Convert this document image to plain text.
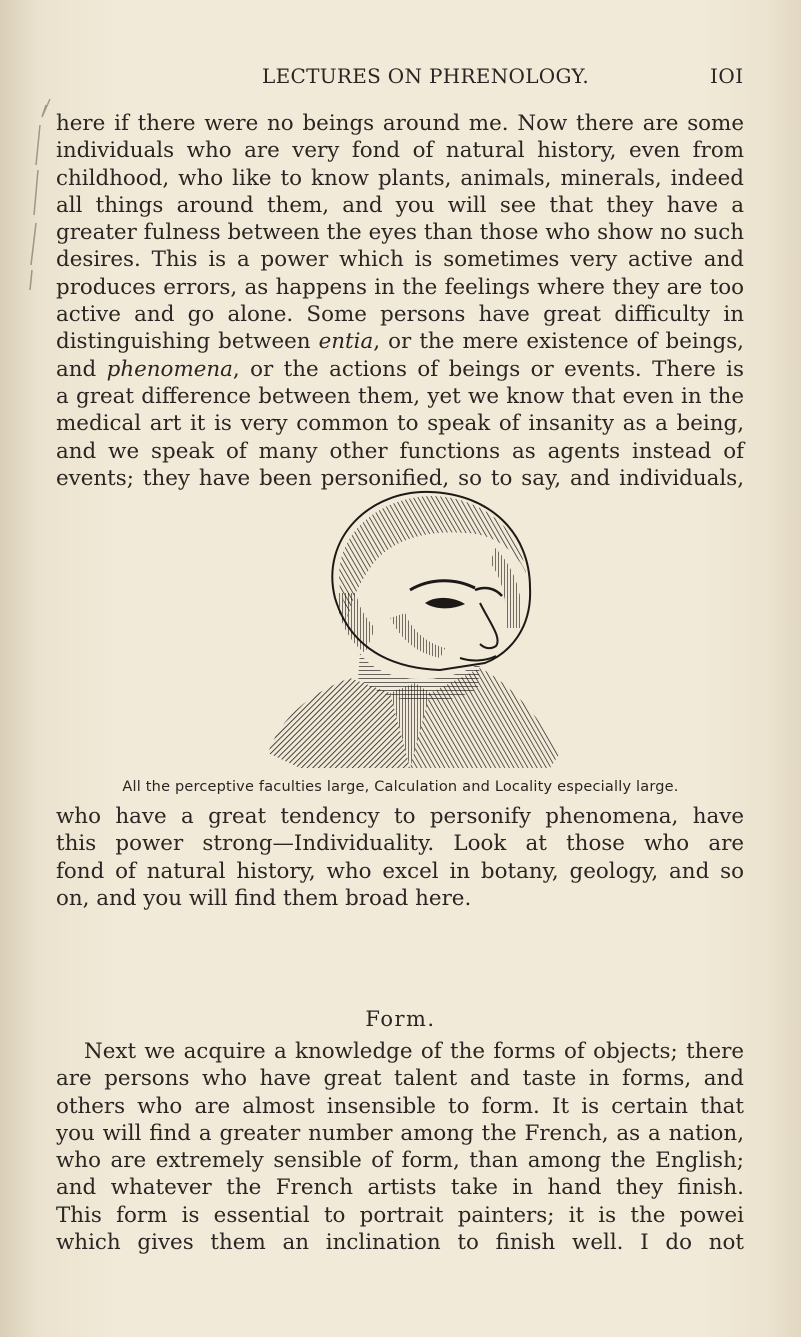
LECTURES ON PHRENOLOGY.	IOI
here if there were no beings around me. Now there are some
individuals who are very fond of natural history, even from
childhood, who like to know plants, animals, minerals, indeed
all things around them, and you will see that they have a
greater fulness between the eyes than those who show no such
desires. This is a power which is sometimes very active and
produces errors, as happens in the feelings where they are too
active and go alone. Some persons have great difficulty in
distinguishing between entia, or the mere existence of beings,
and phenomena, or the actions of beings or events. There is
a great difference between them, yet we know that even in the
medical art it is very common to speak of insanity as a being,
and we speak of many other functions as agents instead of
events; they have been personified, so to say, and individuals,
All the perceptive faculties large, Calculation and Locality especially large.
who have a great tendency to personify phenomena, have
this power strong—Individuality. Look at those who are
fond of natural history, who excel in botany, geology, and so
on, and you will find them broad here.
Form.
Next we acquire a knowledge of the forms of objects; there
are persons who have great talent and taste in forms, and
others who are almost insensible to form. It is certain that
you will find a greater number among the French, as a nation,
who are extremely sensible of form, than among the English;
and whatever the French artists take in hand they finish.
This form is essential to portrait painters; it is the powei
which gives them an inclination to finish well. I do not
